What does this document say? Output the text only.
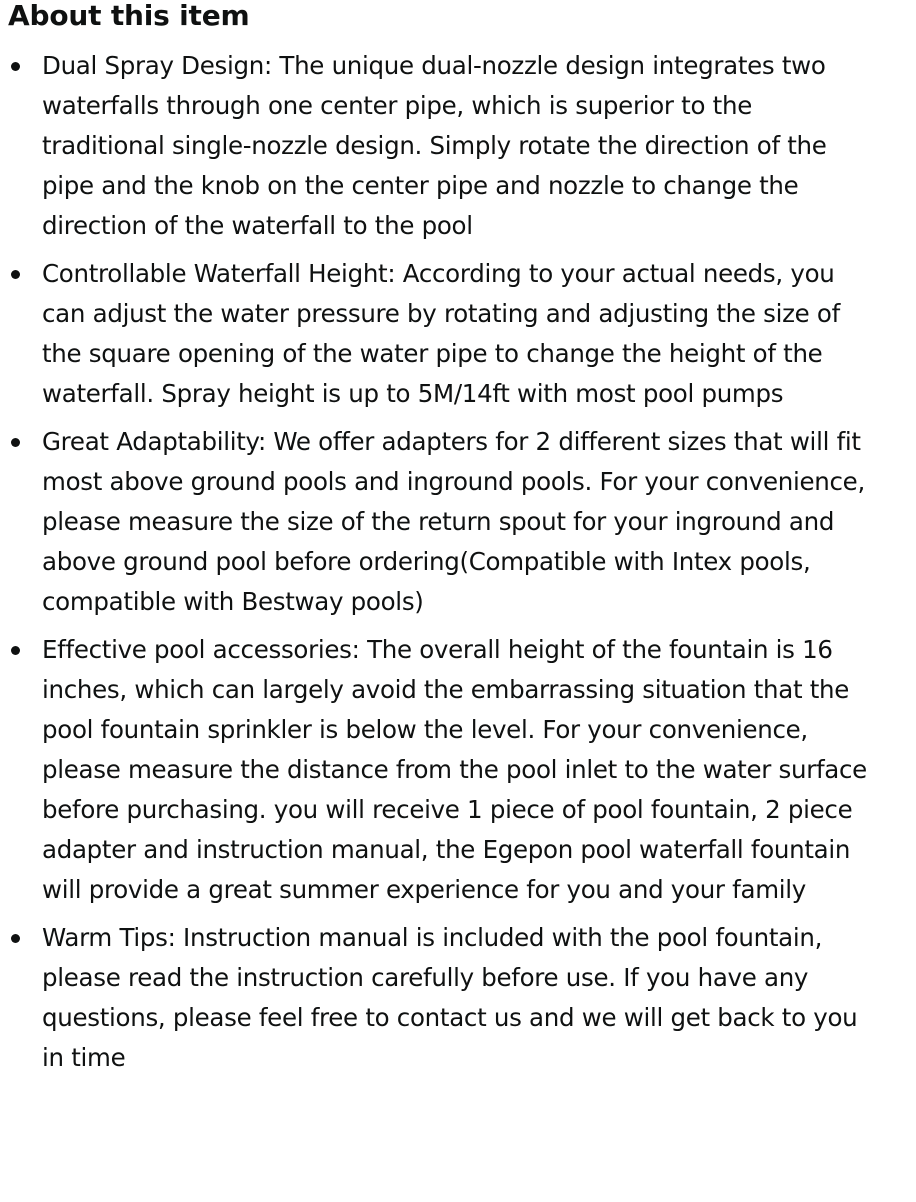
About this item
Dual Spray Design: The unique dual-nozzle design integrates two waterfalls through one center pipe, which is superior to the traditional single-nozzle design. Simply rotate the direction of the pipe and the knob on the center pipe and nozzle to change the direction of the waterfall to the pool
Controllable Waterfall Height: According to your actual needs, you can adjust the water pressure by rotating and adjusting the size of the square opening of the water pipe to change the height of the waterfall. Spray height is up to 5M/14ft with most pool pumps
Great Adaptability: We offer adapters for 2 different sizes that will fit most above ground pools and inground pools. For your convenience, please measure the size of the return spout for your inground and above ground pool before ordering(Compatible with Intex pools, compatible with Bestway pools)
Effective pool accessories: The overall height of the fountain is 16 inches, which can largely avoid the embarrassing situation that the pool fountain sprinkler is below the level. For your convenience, please measure the distance from the pool inlet to the water surface before purchasing. you will receive 1 piece of pool fountain, 2 piece adapter and instruction manual, the Egepon pool waterfall fountain will provide a great summer experience for you and your family
Warm Tips: Instruction manual is included with the pool fountain, please read the instruction carefully before use. If you have any questions, please feel free to contact us and we will get back to you in time
